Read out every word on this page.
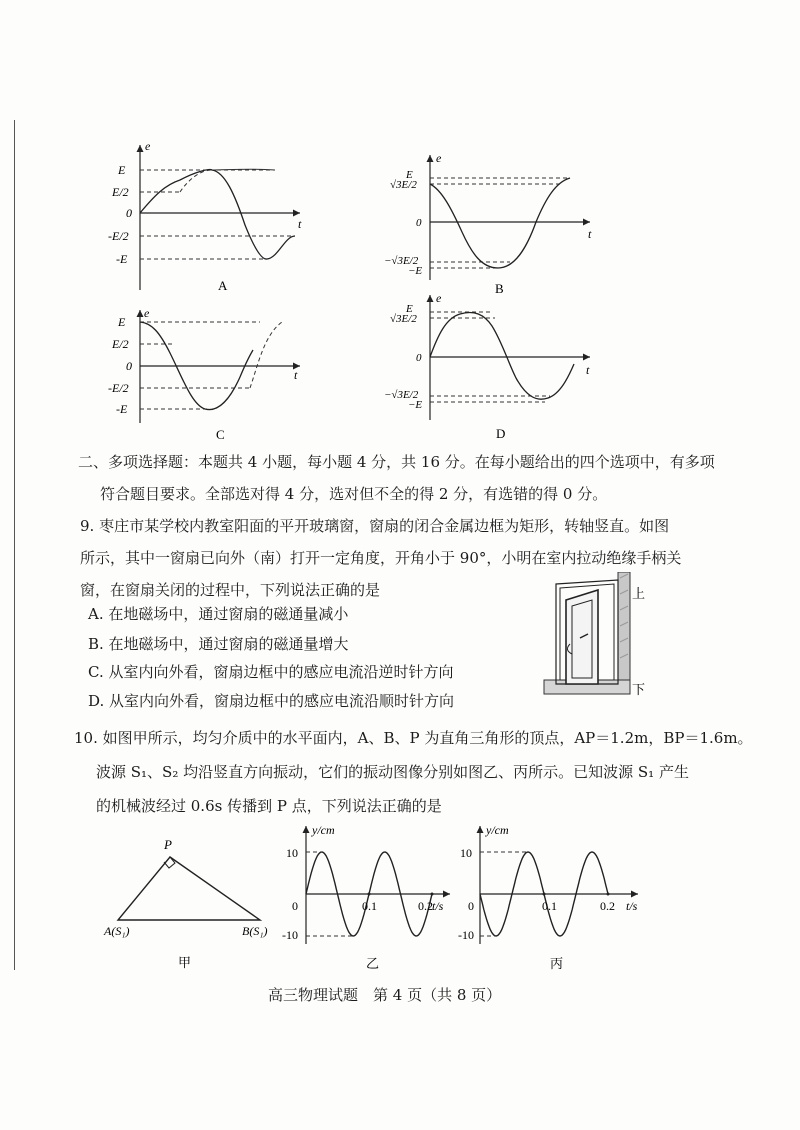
e
t
E
E/2
0
-E/2
-E
A
e
t
E
√3E/2
0
−√3E/2
−E
B
e
t
E
E/2
0
-E/2
-E
C
e
t
E
√3E/2
0
−√3E/2
−E
D
二、多项选择题：本题共 4 小题，每小题 4 分，共 16 分。在每小题给出的四个选项中，有多项
符合题目要求。全部选对得 4 分，选对但不全的得 2 分，有选错的得 0 分。
9. 枣庄市某学校内教室阳面的平开玻璃窗，窗扇的闭合金属边框为矩形，转轴竖直。如图
所示，其中一窗扇已向外（南）打开一定角度，开角小于 90°，小明在室内拉动绝缘手柄关
窗，在窗扇关闭的过程中，下列说法正确的是
A. 在地磁场中，通过窗扇的磁通量减小
B. 在地磁场中，通过窗扇的磁通量增大
C. 从室内向外看，窗扇边框中的感应电流沿逆时针方向
D. 从室内向外看，窗扇边框中的感应电流沿顺时针方向
上
下
10. 如图甲所示，均匀介质中的水平面内，A、B、P 为直角三角形的顶点，AP＝1.2m，BP＝1.6m。
波源 S₁、S₂ 均沿竖直方向振动，它们的振动图像分别如图乙、丙所示。已知波源 S₁ 产生
的机械波经过 0.6s 传播到 P 点，下列说法正确的是
P
A(S₁)	B(S₁)
甲
y/cm
t/s
0	0.1	0.2
10
-10
乙
y/cm
t/s
0	0.1	0.2
10
-10
丙
高三物理试题　第 4 页（共 8 页）
